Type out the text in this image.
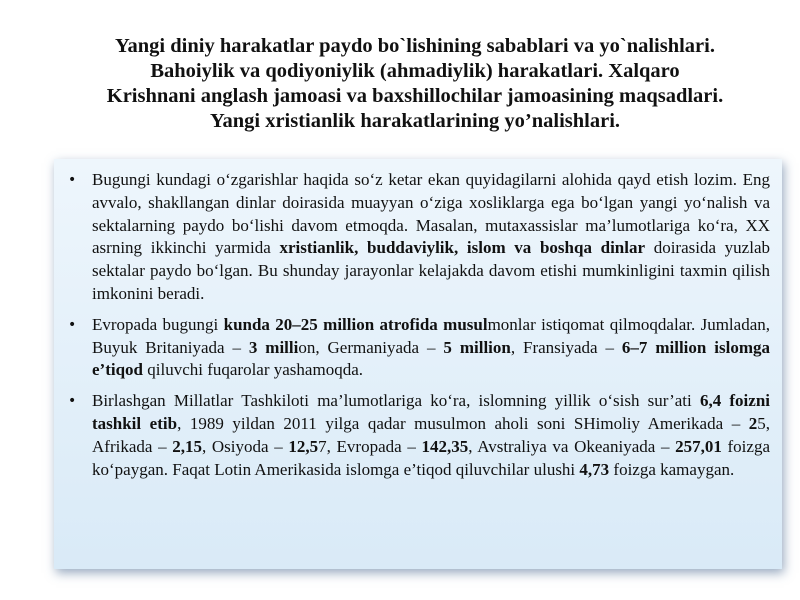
Yangi diniy harakatlar paydo bo`lishining sabablari va yo`nalishlari.
Bahoiylik va qodiyoniylik (ahmadiylik) harakatlari. Xalqaro
Krishnani anglash jamoasi va baxshillochilar jamoasining maqsadlari.
Yangi xristianlik harakatlarining yo’nalishlari.
• Bugungi kundagi o‘zgarishlar haqida so‘z ketar ekan quyidagilarni alohida qayd etish lozim. Eng avvalo, shakllangan dinlar doirasida muayyan o‘ziga xosliklarga ega bo‘lgan yangi yo‘nalish va sektalarning paydo bo‘lishi davom etmoqda. Masalan, mutaxassislar ma’lumotlariga ko‘ra, XX asrning ikkinchi yarmida xristianlik, buddaviylik, islom va boshqa dinlar doirasida yuzlab sektalar paydo bo‘lgan. Bu shunday jarayonlar kelajakda davom etishi mumkinligini taxmin qilish imkonini beradi.
• Evropada bugungi kunda 20–25 million atrofida musulmonlar istiqomat qilmoqdalar. Jumladan, Buyuk Britaniyada – 3 million, Germaniyada – 5 million, Fransiyada – 6–7 million islomga e’tiqod qiluvchi fuqarolar yashamoqda.
• Birlashgan Millatlar Tashkiloti ma’lumotlariga ko‘ra, islomning yillik o‘sish sur’ati 6,4 foizni tashkil etib, 1989 yildan 2011 yilga qadar musulmon aholi soni SHimoliy Amerikada – 25, Afrikada – 2,15, Osiyoda – 12,57, Evropada – 142,35, Avstraliya va Okeaniyada – 257,01 foizga ko‘paygan. Faqat Lotin Amerikasida islomga e’tiqod qiluvchilar ulushi 4,73 foizga kamaygan.
